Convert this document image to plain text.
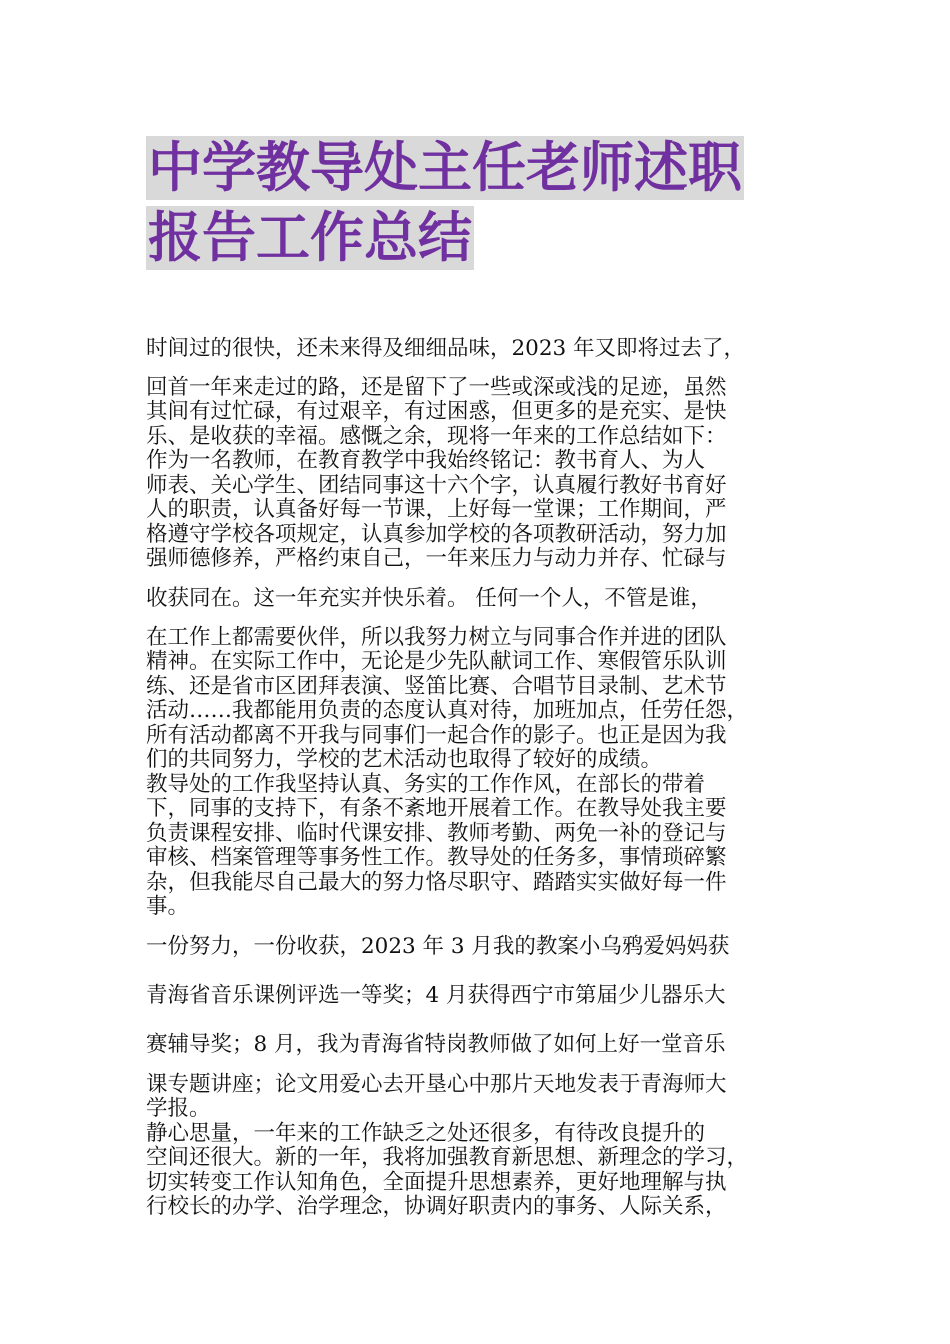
中学教导处主任老师述职
报告工作总结
时间过的很快，还未来得及细细品味，2023 年又即将过去了，
回首一年来走过的路，还是留下了一些或深或浅的足迹，虽然
其间有过忙碌，有过艰辛，有过困惑，但更多的是充实、是快
乐、是收获的幸福。感慨之余，现将一年来的工作总结如下：
作为一名教师，在教育教学中我始终铭记：教书育人、为人
师表、关心学生、团结同事这十六个字，认真履行教好书育好
人的职责，认真备好每一节课，上好每一堂课；工作期间，严
格遵守学校各项规定，认真参加学校的各项教研活动，努力加
强师德修养，严格约束自己，一年来压力与动力并存、忙碌与
收获同在。这一年充实并快乐着。 任何一个人，不管是谁，
在工作上都需要伙伴，所以我努力树立与同事合作并进的团队
精神。在实际工作中，无论是少先队献词工作、寒假管乐队训
练、还是省市区团拜表演、竖笛比赛、合唱节目录制、艺术节
活动……我都能用负责的态度认真对待，加班加点，任劳任怨，
所有活动都离不开我与同事们一起合作的影子。也正是因为我
们的共同努力，学校的艺术活动也取得了较好的成绩。
教导处的工作我坚持认真、务实的工作作风，在部长的带着
下，同事的支持下，有条不紊地开展着工作。在教导处我主要
负责课程安排、临时代课安排、教师考勤、两免一补的登记与
审核、档案管理等事务性工作。教导处的任务多，事情琐碎繁
杂，但我能尽自己最大的努力恪尽职守、踏踏实实做好每一件
事。
一份努力，一份收获，2023 年 3 月我的教案小乌鸦爱妈妈获
青海省音乐课例评选一等奖；4 月获得西宁市第届少儿器乐大
赛辅导奖；8 月，我为青海省特岗教师做了如何上好一堂音乐
课专题讲座；论文用爱心去开垦心中那片天地发表于青海师大
学报。
静心思量，一年来的工作缺乏之处还很多，有待改良提升的
空间还很大。新的一年，我将加强教育新思想、新理念的学习，
切实转变工作认知角色，全面提升思想素养，更好地理解与执
行校长的办学、治学理念，协调好职责内的事务、人际关系，
